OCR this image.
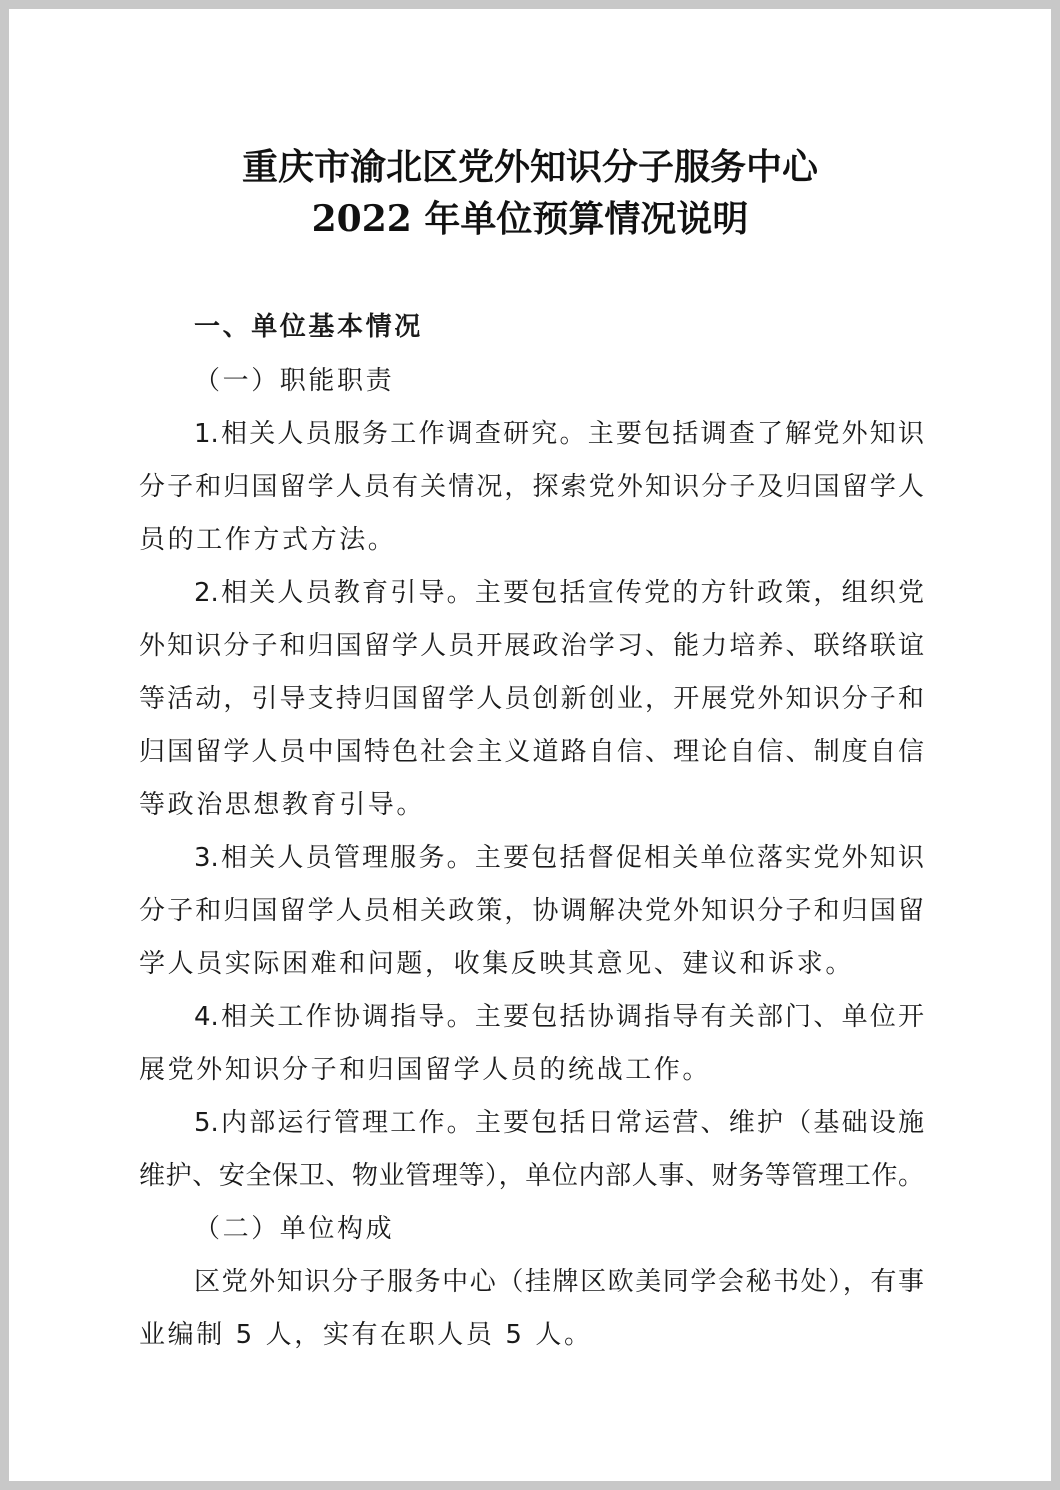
重庆市渝北区党外知识分子服务中心
2022 年单位预算情况说明
一、单位基本情况
（一）职能职责
1.相关人员服务工作调查研究。主要包括调查了解党外知识
分子和归国留学人员有关情况，探索党外知识分子及归国留学人
员的工作方式方法。
2.相关人员教育引导。主要包括宣传党的方针政策，组织党
外知识分子和归国留学人员开展政治学习、能力培养、联络联谊
等活动，引导支持归国留学人员创新创业，开展党外知识分子和
归国留学人员中国特色社会主义道路自信、理论自信、制度自信
等政治思想教育引导。
3.相关人员管理服务。主要包括督促相关单位落实党外知识
分子和归国留学人员相关政策，协调解决党外知识分子和归国留
学人员实际困难和问题，收集反映其意见、建议和诉求。
4.相关工作协调指导。主要包括协调指导有关部门、单位开
展党外知识分子和归国留学人员的统战工作。
5.内部运行管理工作。主要包括日常运营、维护（基础设施
维护、安全保卫、物业管理等），单位内部人事、财务等管理工作。
（二）单位构成
区党外知识分子服务中心（挂牌区欧美同学会秘书处），有事
业编制 5 人，实有在职人员 5 人。
